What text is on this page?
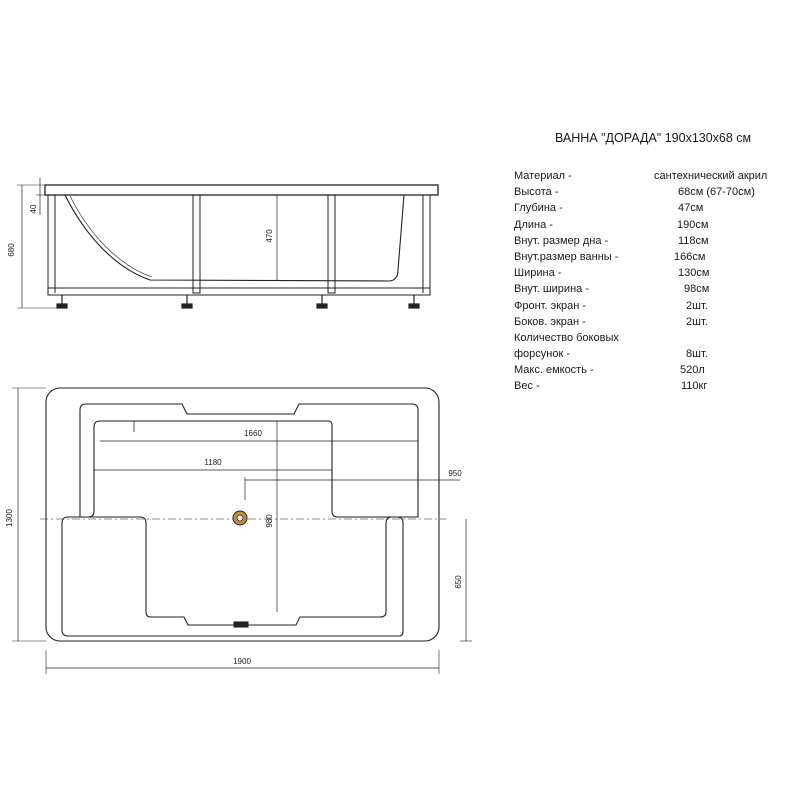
680
40
470
1660
1180
950
980
1300
650
1900
ВАННА "ДОРАДА" 190х130х68 см
Материал -	сантехнический акрил
Высота -	68см (67-70см)
Глубина -	47см
Длина -	190см
Внут. размер дна -	118см
Внут.размер ванны -	166см
Ширина -	130см
Внут. ширина -	98см
Фронт. экран -	2шт.
Боков. экран -	2шт.
Количество боковых
форсунок -	8шт.
Макс. емкость -	520л
Вес -	110кг
